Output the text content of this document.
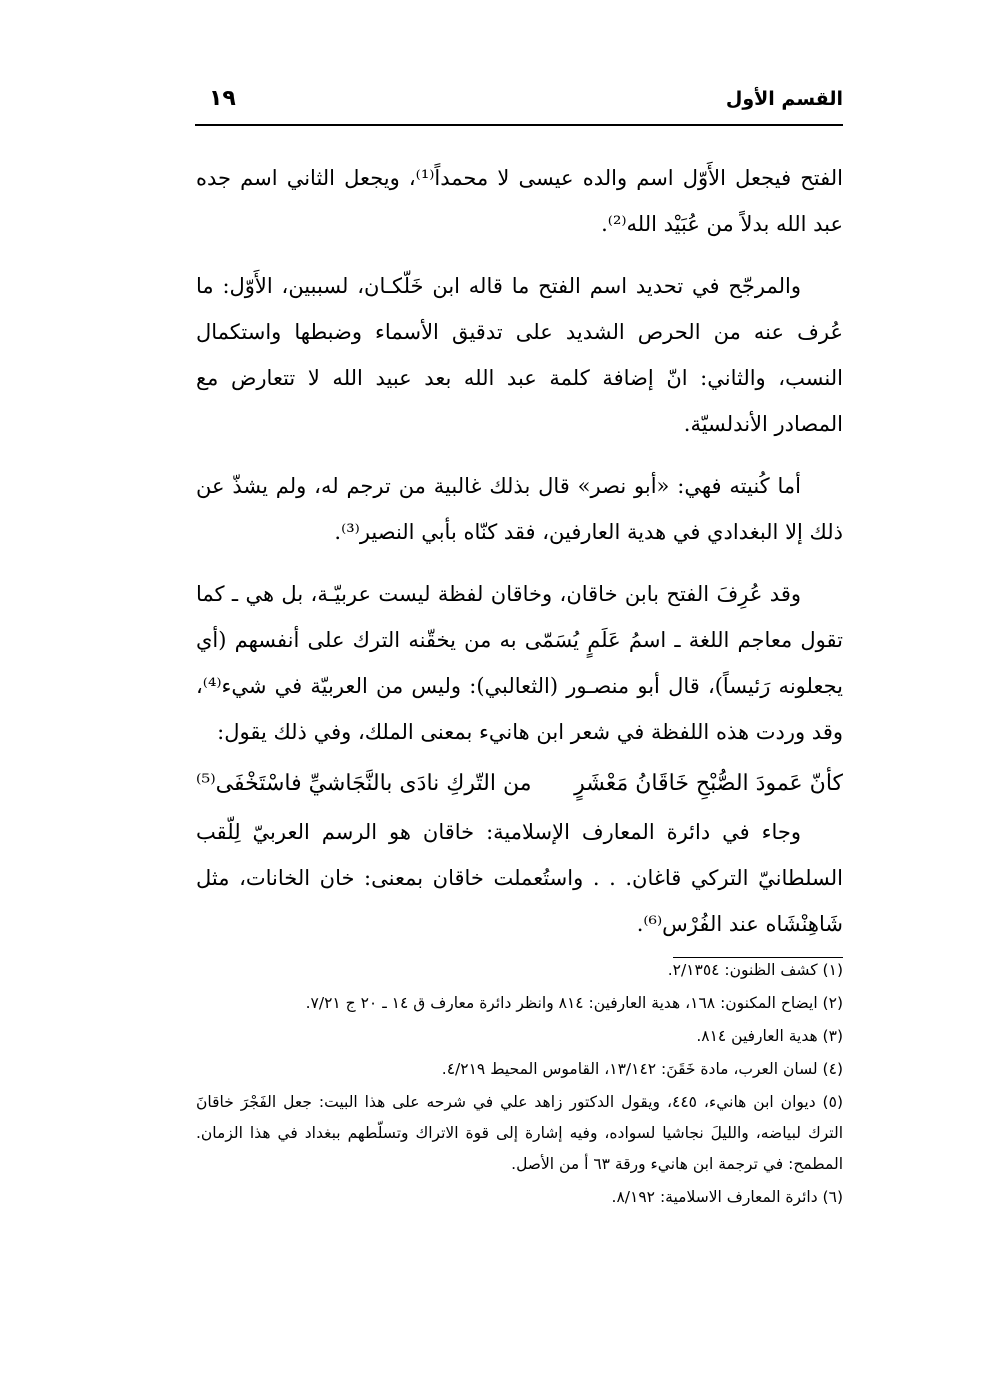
القسم الأول
١٩

الفتح فيجعل الأَوّل اسم والده عيسى لا محمداً⁽¹⁾، ويجعل الثاني اسم جده عبد الله بدلاً من عُبَيْد الله⁽²⁾.

والمرجّح في تحديد اسم الفتح ما قاله ابن خَلّكـان، لسببين، الأَوّل: ما عُرف عنه من الحرص الشديد على تدقيق الأسماء وضبطها واستكمال النسب، والثاني: انّ إضافة كلمة عبد الله بعد عبيد الله لا تتعارض مع المصادر الأندلسيّة.

أما كُنيته فهي: «أبو نصر» قال بذلك غالبية من ترجم له، ولم يشذّ عن ذلك إلا البغدادي في هدية العارفين، فقد كنّاه بأبي النصير⁽³⁾.

وقد عُرِفَ الفتح بابن خاقان، وخاقان لفظة ليست عربيّـة، بل هي ـ كما تقول معاجم اللغة ـ اسمُ عَلَمٍ يُسَمّى به من يخقّنه الترك على أنفسهم (أي يجعلونه رَئيساً)، قال أبو منصـور (الثعالبي): وليس من العربيّة في شيء⁽⁴⁾، وقد وردت هذه اللفظة في شعر ابن هانيء بمعنى الملك، وفي ذلك يقول:

كأنّ عَمودَ الصُّبْحِ خَاقَانُ مَعْشَرٍ
من التّركِ نادَى بالنَّجَاشيِّ فاسْتَخْفَى⁽⁵⁾

وجاء في دائرة المعارف الإسلامية: خاقان هو الرسم العربيّ لِلّقب السلطانيّ التركي قاغان. . . واستُعملت خاقان بمعنى: خان الخانات، مثل شَاهِنْشَاه عند الفُرْس⁽⁶⁾.

(١) كشف الظنون: ٢/١٣٥٤.

(٢) ايضاح المكنون: ١٦٨، هدية العارفين: ٨١٤ وانظر دائرة معارف ق ١٤ ـ ٢٠ ج ٧/٢١.

(٣) هدية العارفين ٨١٤.

(٤) لسان العرب، مادة خَقَنَ: ١٣/١٤٢، القاموس المحيط ٤/٢١٩.

(٥) ديوان ابن هانيء، ٤٤٥، ويقول الدكتور زاهد علي في شرحه على هذا البيت: جعل الفَجْرَ خاقانَ الترك لبياضه، والليلَ نجاشيا لسواده، وفيه إشارة إلى قوة الاتراك وتسلّطهم ببغداد في هذا الزمان. المطمح: في ترجمة ابن هانيء ورقة ٦٣ أ من الأصل.

(٦) دائرة المعارف الاسلامية: ٨/١٩٢.
